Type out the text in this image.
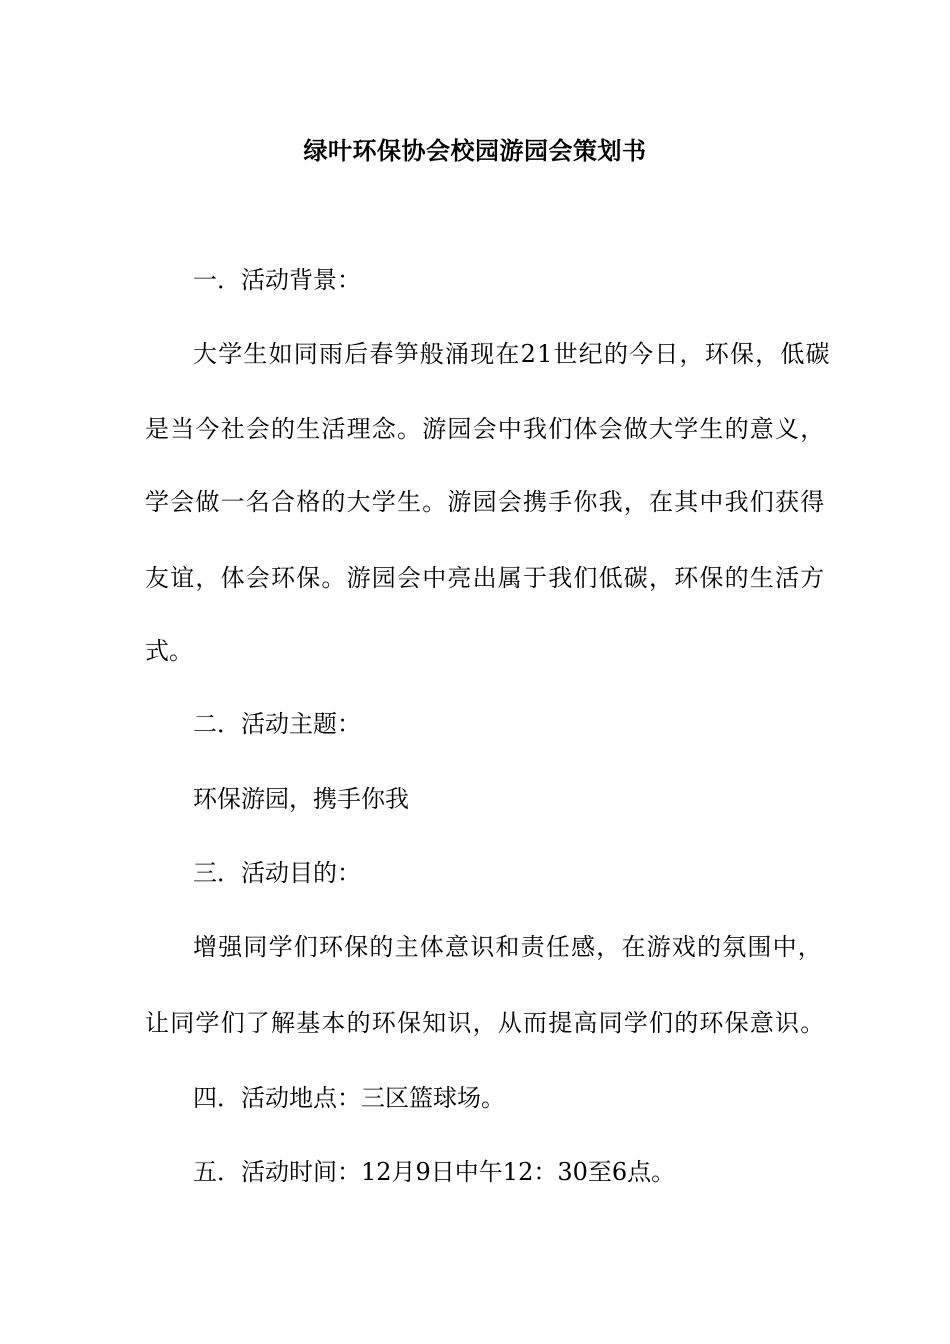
绿叶环保协会校园游园会策划书
一．活动背景：
大学生如同雨后春笋般涌现在21世纪的今日，环保，低碳
是当今社会的生活理念。游园会中我们体会做大学生的意义，
学会做一名合格的大学生。游园会携手你我，在其中我们获得
友谊，体会环保。游园会中亮出属于我们低碳，环保的生活方
式。
二．活动主题：
环保游园，携手你我
三．活动目的：
增强同学们环保的主体意识和责任感，在游戏的氛围中，
让同学们了解基本的环保知识，从而提高同学们的环保意识。
四．活动地点：三区篮球场。
五．活动时间：12月9日中午12：30至6点。
